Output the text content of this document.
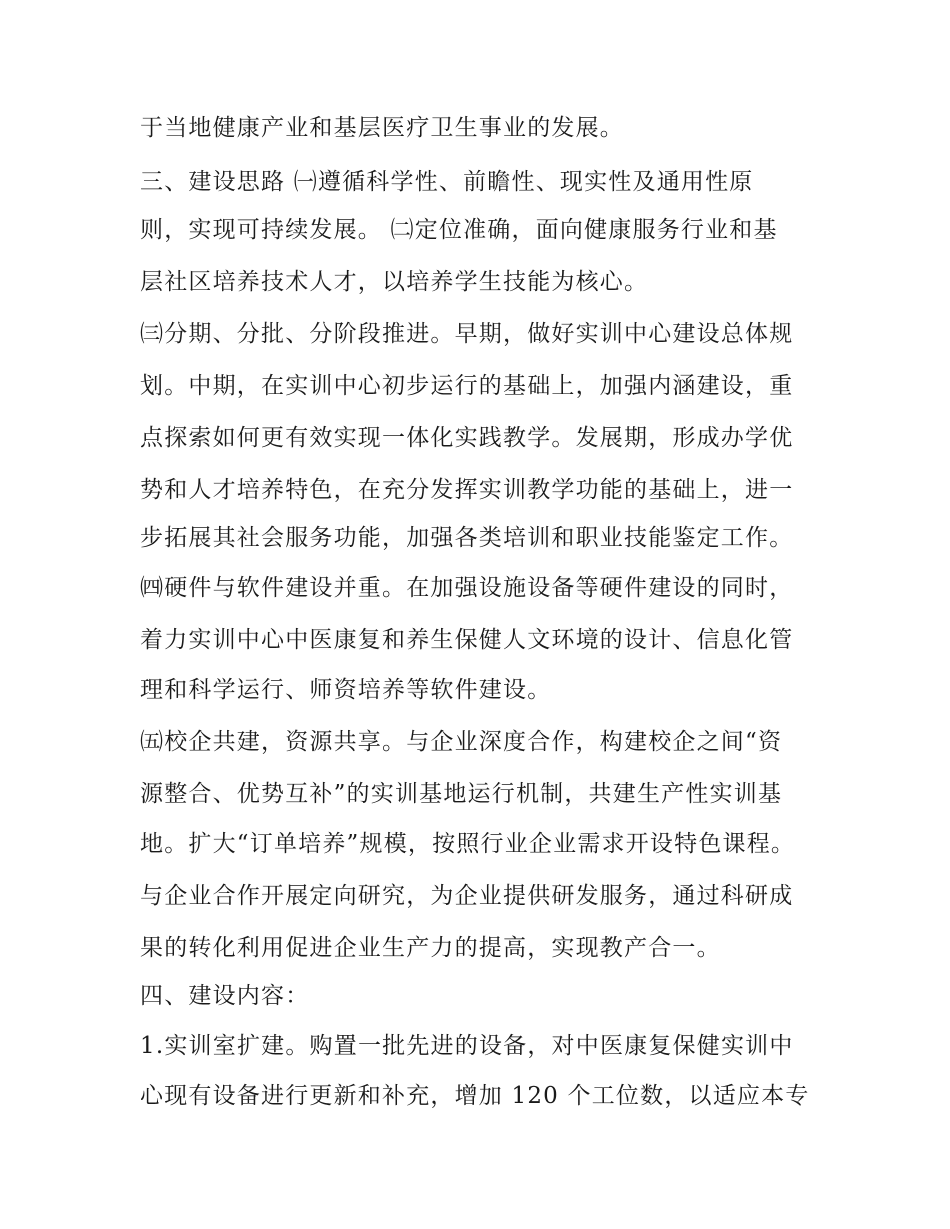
于当地健康产业和基层医疗卫生事业的发展。
三、建设思路 ㈠遵循科学性、前瞻性、现实性及通用性原
则，实现可持续发展。 ㈡定位准确，面向健康服务行业和基
层社区培养技术人才，以培养学生技能为核心。
㈢分期、分批、分阶段推进。早期，做好实训中心建设总体规
划。中期，在实训中心初步运行的基础上，加强内涵建设，重
点探索如何更有效实现一体化实践教学。发展期，形成办学优
势和人才培养特色，在充分发挥实训教学功能的基础上，进一
步拓展其社会服务功能，加强各类培训和职业技能鉴定工作。
㈣硬件与软件建设并重。在加强设施设备等硬件建设的同时，
着力实训中心中医康复和养生保健人文环境的设计、信息化管
理和科学运行、师资培养等软件建设。
㈤校企共建，资源共享。与企业深度合作，构建校企之间“资
源整合、优势互补”的实训基地运行机制，共建生产性实训基
地。扩大“订单培养”规模，按照行业企业需求开设特色课程。
与企业合作开展定向研究，为企业提供研发服务，通过科研成
果的转化利用促进企业生产力的提高，实现教产合一。
四、建设内容：
1.实训室扩建。购置一批先进的设备，对中医康复保健实训中
心现有设备进行更新和补充，增加 120 个工位数，以适应本专
